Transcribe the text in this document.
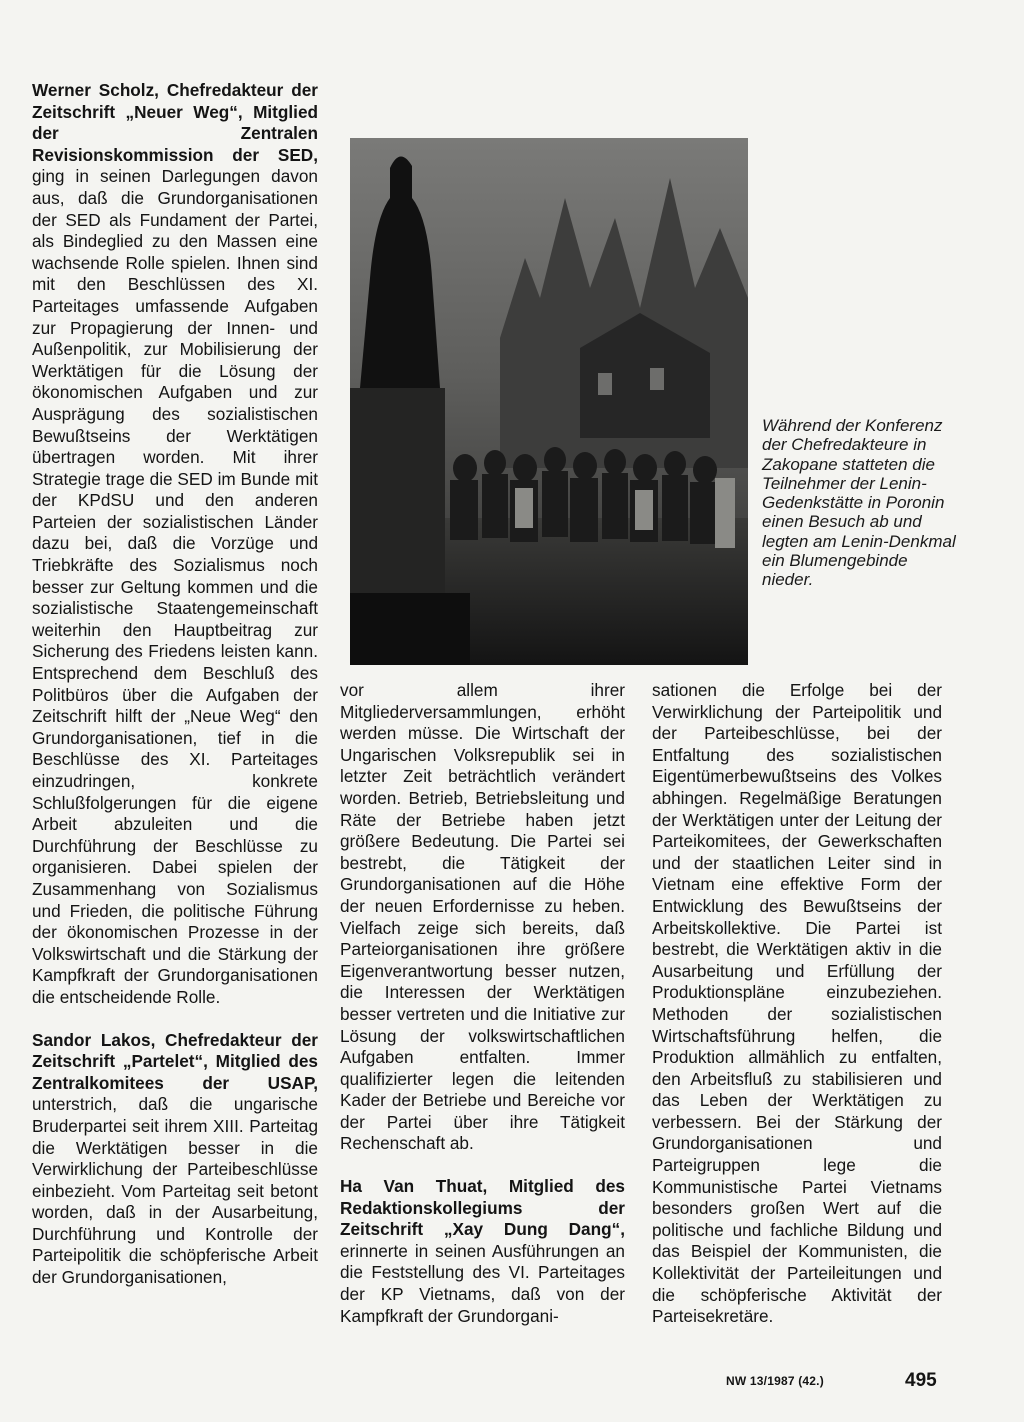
Werner Scholz, Chefredakteur der Zeitschrift „Neuer Weg“, Mitglied der Zentralen Revisionskommission der SED, ging in seinen Darlegungen davon aus, daß die Grundorganisationen der SED als Fundament der Partei, als Bindeglied zu den Massen eine wachsende Rolle spielen. Ihnen sind mit den Beschlüssen des XI. Parteitages umfassende Aufgaben zur Propagierung der Innen- und Außenpolitik, zur Mobilisierung der Werktätigen für die Lösung der ökonomischen Aufgaben und zur Ausprägung des sozialistischen Bewußtseins der Werktätigen übertragen worden. Mit ihrer Strategie trage die SED im Bunde mit der KPdSU und den anderen Parteien der sozialistischen Länder dazu bei, daß die Vorzüge und Triebkräfte des Sozialismus noch besser zur Geltung kommen und die sozialistische Staatengemeinschaft weiterhin den Hauptbeitrag zur Sicherung des Friedens leisten kann. Entsprechend dem Beschluß des Politbüros über die Aufgaben der Zeitschrift hilft der „Neue Weg“ den Grundorganisationen, tief in die Beschlüsse des XI. Parteitages einzudringen, konkrete Schlußfolgerungen für die eigene Arbeit abzuleiten und die Durchführung der Beschlüsse zu organisieren. Dabei spielen der Zusammenhang von Sozialismus und Frieden, die politische Führung der ökonomischen Prozesse in der Volkswirtschaft und die Stärkung der Kampfkraft der Grundorganisationen die entscheidende Rolle.

Sandor Lakos, Chefredakteur der Zeitschrift „Partelet“, Mitglied des Zentralkomitees der USAP, unterstrich, daß die ungarische Bruderpartei seit ihrem XIII. Parteitag die Werktätigen besser in die Verwirklichung der Parteibeschlüsse einbezieht. Vom Parteitag seit betont worden, daß in der Ausarbeitung, Durchführung und Kontrolle der Parteipolitik die schöpferische Arbeit der Grundorganisationen,

Während der Konferenz der Chefredakteure in Zakopane statteten die Teilnehmer der Lenin-Gedenkstätte in Poronin einen Besuch ab und legten am Lenin-Denkmal ein Blumengebinde nieder.

vor allem ihrer Mitgliederversammlungen, erhöht werden müsse. Die Wirtschaft der Ungarischen Volksrepublik sei in letzter Zeit beträchtlich verändert worden. Betrieb, Betriebsleitung und Räte der Betriebe haben jetzt größere Bedeutung. Die Partei sei bestrebt, die Tätigkeit der Grundorganisationen auf die Höhe der neuen Erfordernisse zu heben. Vielfach zeige sich bereits, daß Parteiorganisationen ihre größere Eigenverantwortung besser nutzen, die Interessen der Werktätigen besser vertreten und die Initiative zur Lösung der volkswirtschaftlichen Aufgaben entfalten. Immer qualifizierter legen die leitenden Kader der Betriebe und Bereiche vor der Partei über ihre Tätigkeit Rechenschaft ab.

Ha Van Thuat, Mitglied des Redaktionskollegiums der Zeitschrift „Xay Dung Dang“, erinnerte in seinen Ausführungen an die Feststellung des VI. Parteitages der KP Vietnams, daß von der Kampfkraft der Grundorgani-

sationen die Erfolge bei der Verwirklichung der Parteipolitik und der Parteibeschlüsse, bei der Entfaltung des sozialistischen Eigentümerbewußtseins des Volkes abhingen. Regelmäßige Beratungen der Werktätigen unter der Leitung der Parteikomitees, der Gewerkschaften und der staatlichen Leiter sind in Vietnam eine effektive Form der Entwicklung des Bewußtseins der Arbeitskollektive. Die Partei ist bestrebt, die Werktätigen aktiv in die Ausarbeitung und Erfüllung der Produktionspläne einzubeziehen. Methoden der sozialistischen Wirtschaftsführung helfen, die Produktion allmählich zu entfalten, den Arbeitsfluß zu stabilisieren und das Leben der Werktätigen zu verbessern. Bei der Stärkung der Grundorganisationen und Parteigruppen lege die Kommunistische Partei Vietnams besonders großen Wert auf die politische und fachliche Bildung und das Beispiel der Kommunisten, die Kollektivität der Parteileitungen und die schöpferische Aktivität der Parteisekretäre.

NW 13/1987 (42.)	495
